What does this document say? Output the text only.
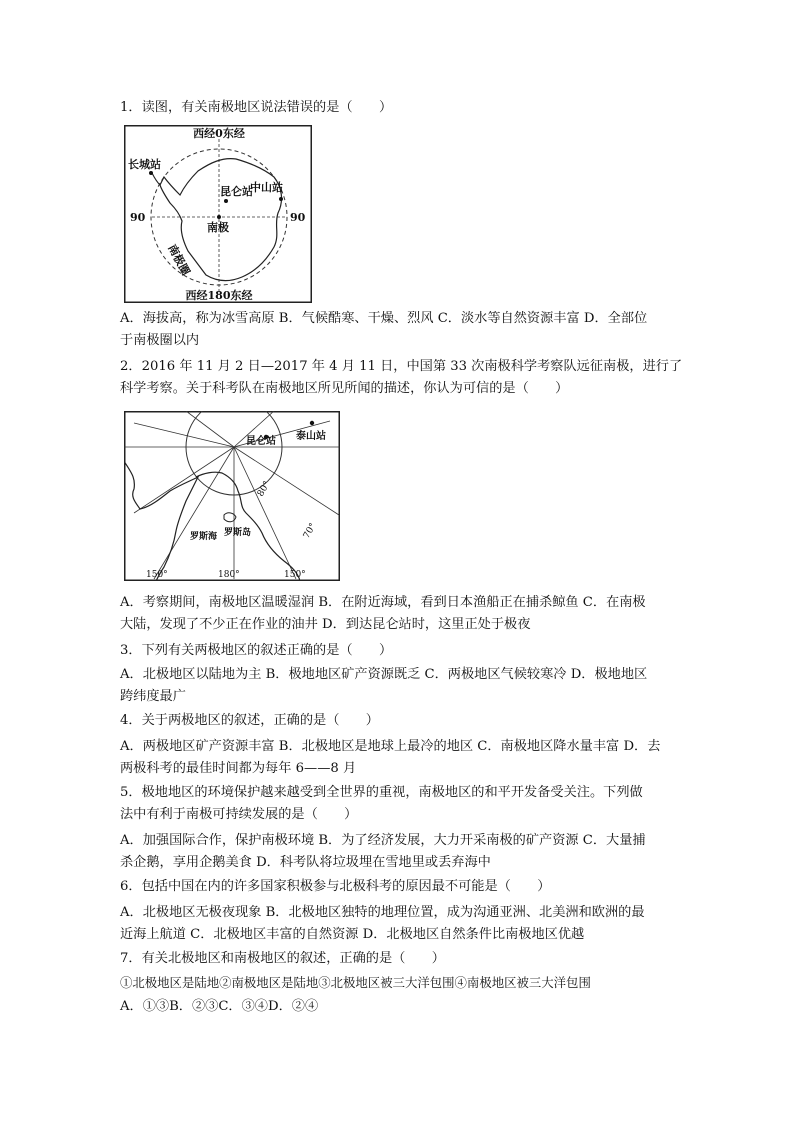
1．读图，有关南极地区说法错误的是（　　）
西经0东经
西经180东经
90	90
长城站
中山站
昆仑站
南极
南极圈
A．海拔高，称为冰雪高原 B．气候酷寒、干燥、烈风 C．淡水等自然资源丰富 D．全部位
于南极圈以内
2．2016 年 11 月 2 日—2017 年 4 月 11 日，中国第 33 次南极科学考察队远征南极，进行了
科学考察。关于科考队在南极地区所见所闻的描述，你认为可信的是（　　）
昆仑站 泰山站
80°
70°
罗斯海 罗斯岛
150°	180°	150°
A．考察期间，南极地区温暖湿润 B．在附近海域，看到日本渔船正在捕杀鲸鱼 C．在南极
大陆，发现了不少正在作业的油井 D．到达昆仑站时，这里正处于极夜
3．下列有关两极地区的叙述正确的是（　　）
A．北极地区以陆地为主 B．极地地区矿产资源既乏 C．两极地区气候较寒冷 D．极地地区
跨纬度最广
4．关于两极地区的叙述，正确的是（　　）
A．两极地区矿产资源丰富 B．北极地区是地球上最冷的地区 C．南极地区降水量丰富 D．去
两极科考的最佳时间都为每年 6——8 月
5．极地地区的环境保护越来越受到全世界的重视，南极地区的和平开发备受关注。下列做
法中有利于南极可持续发展的是（　　）
A．加强国际合作，保护南极环境 B．为了经济发展，大力开采南极的矿产资源 C．大量捕
杀企鹅，享用企鹅美食 D．科考队将垃圾埋在雪地里或丢弃海中
6．包括中国在内的许多国家积极参与北极科考的原因最不可能是（　　）
A．北极地区无极夜现象 B．北极地区独特的地理位置，成为沟通亚洲、北美洲和欧洲的最
近海上航道 C．北极地区丰富的自然资源 D．北极地区自然条件比南极地区优越
7．有关北极地区和南极地区的叙述，正确的是（　　）
①北极地区是陆地②南极地区是陆地③北极地区被三大洋包围④南极地区被三大洋包围
A．①③B．②③C．③④D．②④
